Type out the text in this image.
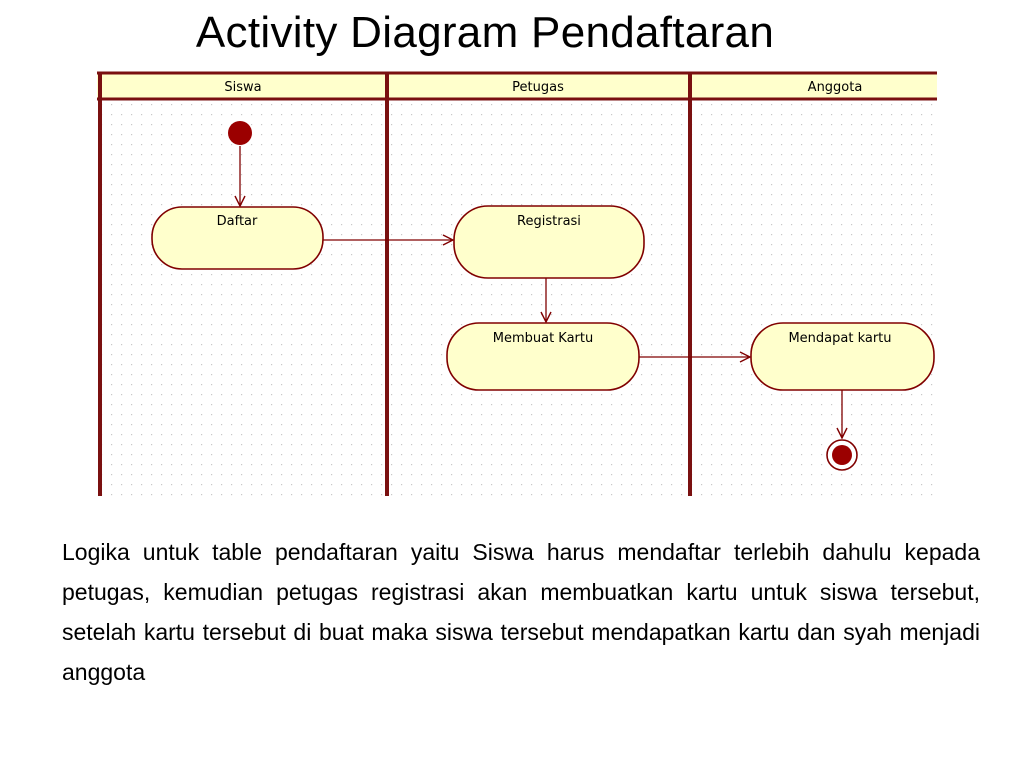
Activity Diagram Pendaftaran
Siswa	Petugas	Anggota
Daftar	Registrasi
Membuat Kartu	Mendapat kartu
Logika untuk table pendaftaran yaitu Siswa harus mendaftar terlebih dahulu kepada petugas, kemudian petugas registrasi akan membuatkan kartu untuk siswa tersebut, setelah kartu tersebut di buat maka siswa tersebut mendapatkan kartu dan syah menjadi anggota
